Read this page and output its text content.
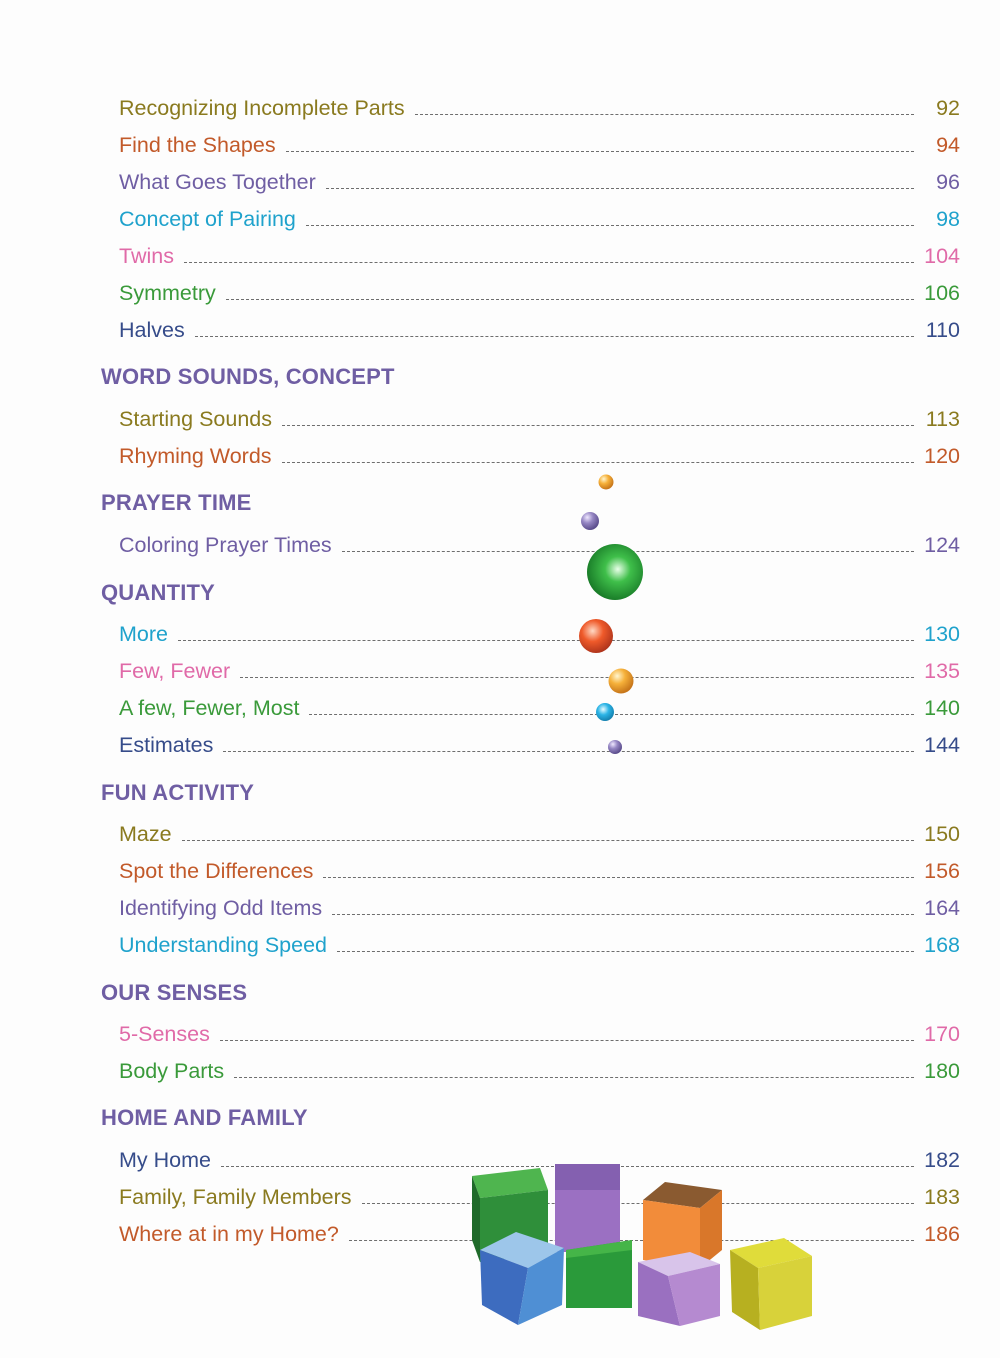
Recognizing Incomplete Parts	92
Find the Shapes	94
What Goes Together	96
Concept of Pairing	98
Twins	104
Symmetry	106
Halves	110
WORD SOUNDS, CONCEPT
Starting Sounds	113
Rhyming Words	120
PRAYER TIME
Coloring Prayer Times	124
QUANTITY
More	130
Few, Fewer	135
A few, Fewer, Most	140
Estimates	144
FUN ACTIVITY
Maze	150
Spot the Differences	156
Identifying Odd Items	164
Understanding Speed	168
OUR SENSES
5-Senses	170
Body Parts	180
HOME AND FAMILY
My Home	182
Family, Family Members	183
Where at in my Home?	186
